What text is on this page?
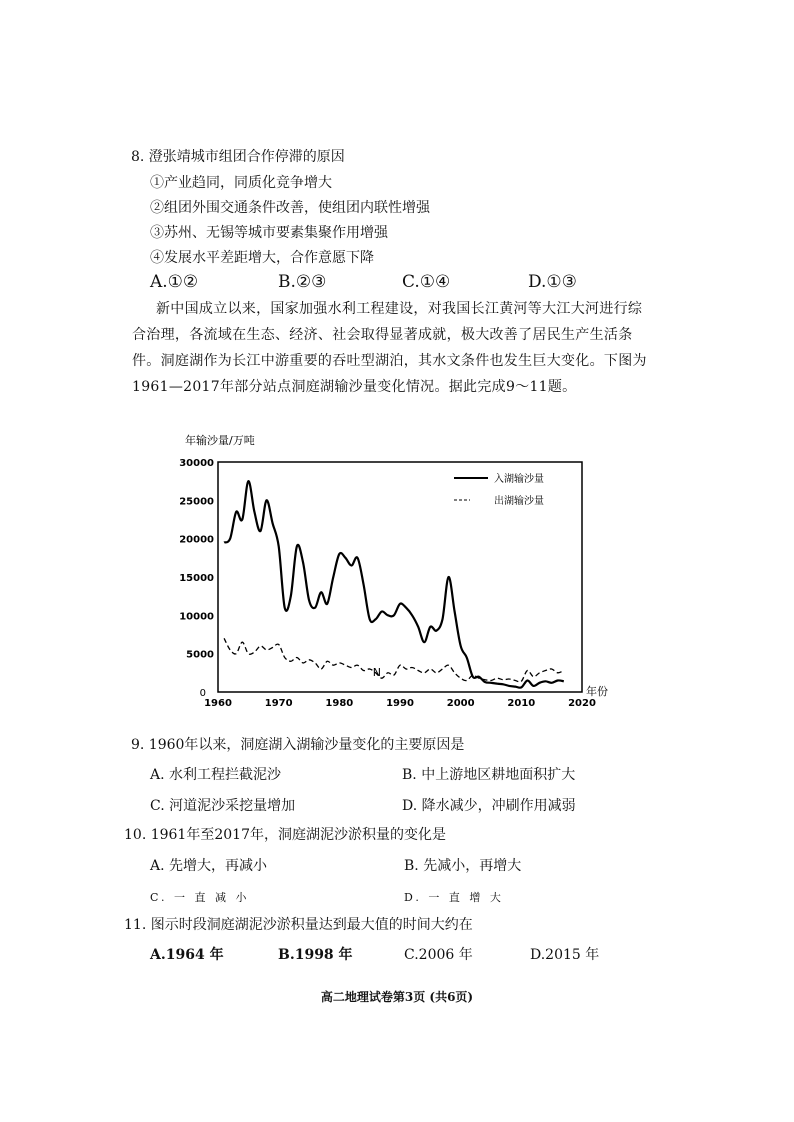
8. 澄张靖城市组团合作停滞的原因
①产业趋同，同质化竞争增大
②组团外围交通条件改善，使组团内联性增强
③苏州、无锡等城市要素集聚作用增强
④发展水平差距增大，合作意愿下降
A.①②	B.②③	C.①④	D.①③
新中国成立以来，国家加强水利工程建设，对我国长江黄河等大江大河进行综合治理，各流域在生态、经济、社会取得显著成就，极大改善了居民生产生活条件。洞庭湖作为长江中游重要的吞吐型湖泊，其水文条件也发生巨大变化。下图为1961—2017年部分站点洞庭湖输沙量变化情况。据此完成9～11题。
年输沙量/万吨
年份
1960	1970	1980	1990	2000	2010	2020
0
5000
10000
15000
20000
25000
30000
N
入湖输沙量
出湖输沙量
9. 1960年以来，洞庭湖入湖输沙量变化的主要原因是
A. 水利工程拦截泥沙	B. 中上游地区耕地面积扩大
C. 河道泥沙采挖量增加	D. 降水减少，冲刷作用减弱
10. 1961年至2017年，洞庭湖泥沙淤积量的变化是
A. 先增大，再减小	B. 先减小，再增大
C. 一 直 减 小	D. 一 直 增 大
11. 图示时段洞庭湖泥沙淤积量达到最大值的时间大约在
A.1964 年	B.1998 年	C.2006 年	D.2015 年
高二地理试卷第3页 (共6页)
